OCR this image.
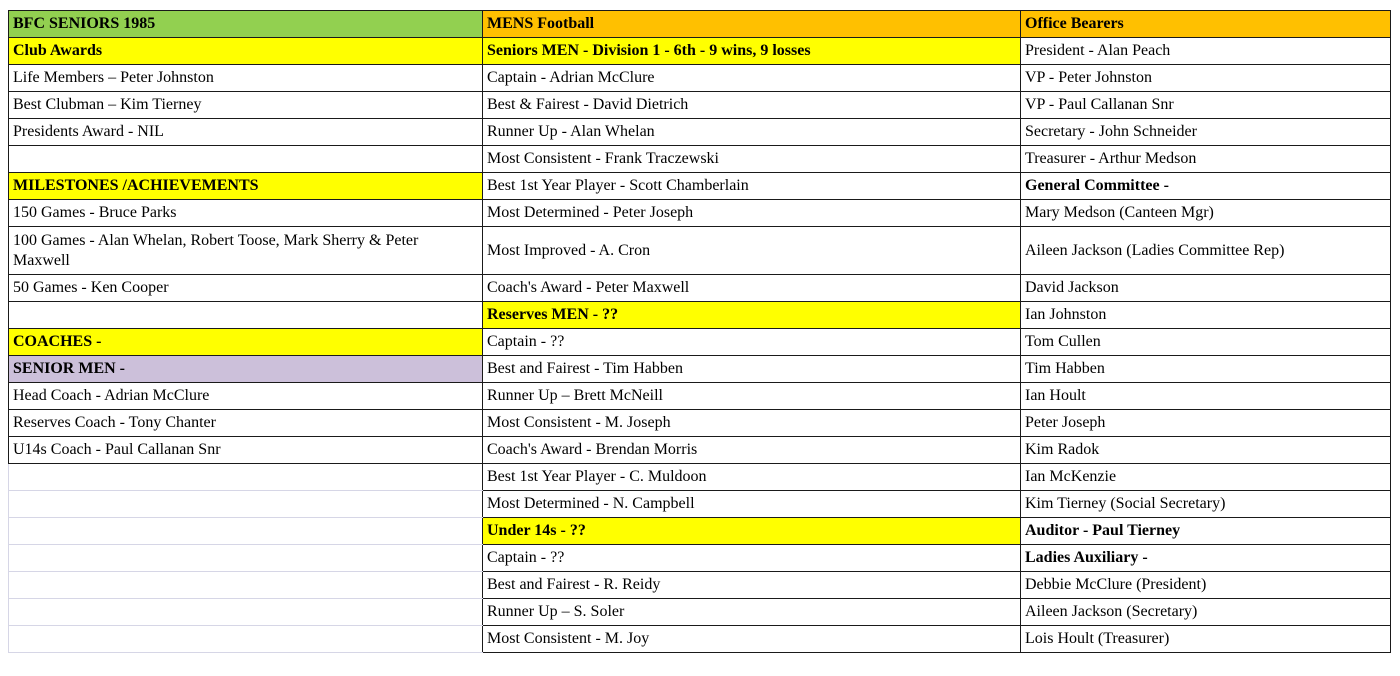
BFC SENIORS 1985	MENS Football	Office Bearers
Club Awards	Seniors MEN - Division 1 - 6th - 9 wins, 9 losses	President - Alan Peach
Life Members – Peter Johnston	Captain - Adrian McClure	VP - Peter Johnston
Best Clubman – Kim Tierney	Best & Fairest - David Dietrich	VP - Paul Callanan Snr
Presidents Award - NIL	Runner Up - Alan Whelan	Secretary - John Schneider
	Most Consistent - Frank Traczewski	Treasurer - Arthur Medson
MILESTONES /ACHIEVEMENTS	Best 1st Year Player - Scott Chamberlain	General Committee -
150 Games - Bruce Parks	Most Determined - Peter Joseph	Mary Medson (Canteen Mgr)
100 Games - Alan Whelan, Robert Toose, Mark Sherry & Peter Maxwell	Most Improved - A. Cron	Aileen Jackson (Ladies Committee Rep)
50 Games - Ken Cooper	Coach's Award - Peter Maxwell	David Jackson
	Reserves MEN - ??	Ian Johnston
COACHES -	Captain - ??	Tom Cullen
SENIOR MEN -	Best and Fairest - Tim Habben	Tim Habben
Head Coach - Adrian McClure	Runner Up – Brett McNeill	Ian Hoult
Reserves Coach - Tony Chanter	Most Consistent - M. Joseph	Peter Joseph
U14s Coach - Paul Callanan Snr	Coach's Award - Brendan Morris	Kim Radok
	Best 1st Year Player - C. Muldoon	Ian McKenzie
	Most Determined - N. Campbell	Kim Tierney (Social Secretary)
	Under 14s - ??	Auditor - Paul Tierney
	Captain - ??	Ladies Auxiliary -
	Best and Fairest - R. Reidy	Debbie McClure (President)
	Runner Up – S. Soler	Aileen Jackson (Secretary)
	Most Consistent - M. Joy	Lois Hoult (Treasurer)
